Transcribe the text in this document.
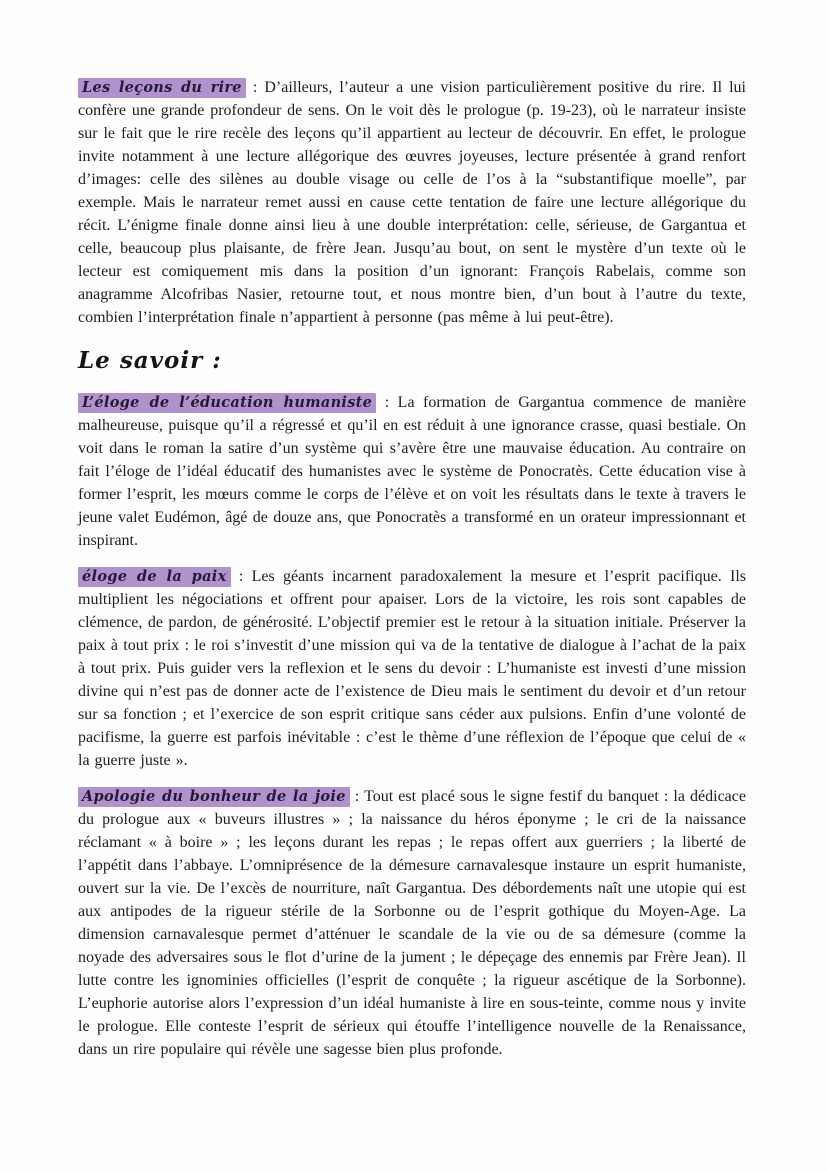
Les leçons du rire : D’ailleurs, l’auteur a une vision particulièrement positive du rire. Il lui confère une grande profondeur de sens. On le voit dès le prologue (p. 19-23), où le narrateur insiste sur le fait que le rire recèle des leçons qu’il appartient au lecteur de découvrir. En effet, le prologue invite notamment à une lecture allégorique des œuvres joyeuses, lecture présentée à grand renfort d’images: celle des silènes au double visage ou celle de l’os à la “substantifique moelle”, par exemple. Mais le narrateur remet aussi en cause cette tentation de faire une lecture allégorique du récit. L’énigme finale donne ainsi lieu à une double interprétation: celle, sérieuse, de Gargantua et celle, beaucoup plus plaisante, de frère Jean. Jusqu’au bout, on sent le mystère d’un texte où le lecteur est comiquement mis dans la position d’un ignorant: François Rabelais, comme son anagramme Alcofribas Nasier, retourne tout, et nous montre bien, d’un bout à l’autre du texte, combien l’interprétation finale n’appartient à personne (pas même à lui peut-être).

Le savoir :

L’éloge de l’éducation humaniste : La formation de Gargantua commence de manière malheureuse, puisque qu’il a régressé et qu’il en est réduit à une ignorance crasse, quasi bestiale. On voit dans le roman la satire d’un système qui s’avère être une mauvaise éducation. Au contraire on fait l’éloge de l’idéal éducatif des humanistes avec le système de Ponocratès. Cette éducation vise à former l’esprit, les mœurs comme le corps de l’élève et on voit les résultats dans le texte à travers le jeune valet Eudémon, âgé de douze ans, que Ponocratès a transformé en un orateur impressionnant et inspirant.

éloge de la paix : Les géants incarnent paradoxalement la mesure et l’esprit pacifique. Ils multiplient les négociations et offrent pour apaiser. Lors de la victoire, les rois sont capables de clémence, de pardon, de générosité. L’objectif premier est le retour à la situation initiale. Préserver la paix à tout prix : le roi s’investit d’une mission qui va de la tentative de dialogue à l’achat de la paix à tout prix. Puis guider vers la reflexion et le sens du devoir : L’humaniste est investi d’une mission divine qui n’est pas de donner acte de l’existence de Dieu mais le sentiment du devoir et d’un retour sur sa fonction ; et l’exercice de son esprit critique sans céder aux pulsions. Enfin d’une volonté de pacifisme, la guerre est parfois inévitable : c’est le thème d’une réflexion de l’époque que celui de « la guerre juste ».

Apologie du bonheur de la joie : Tout est placé sous le signe festif du banquet : la dédicace du prologue aux « buveurs illustres » ; la naissance du héros éponyme ; le cri de la naissance réclamant « à boire » ; les leçons durant les repas ; le repas offert aux guerriers ; la liberté de l’appétit dans l’abbaye. L’omniprésence de la démesure carnavalesque instaure un esprit humaniste, ouvert sur la vie. De l’excès de nourriture, naît Gargantua. Des débordements naît une utopie qui est aux antipodes de la rigueur stérile de la Sorbonne ou de l’esprit gothique du Moyen-Age. La dimension carnavalesque permet d’atténuer le scandale de la vie ou de sa démesure (comme la noyade des adversaires sous le flot d’urine de la jument ; le dépeçage des ennemis par Frère Jean). Il lutte contre les ignominies officielles (l’esprit de conquête ; la rigueur ascétique de la Sorbonne). L’euphorie autorise alors l’expression d’un idéal humaniste à lire en sous-teinte, comme nous y invite le prologue. Elle conteste l’esprit de sérieux qui étouffe l’intelligence nouvelle de la Renaissance, dans un rire populaire qui révèle une sagesse bien plus profonde.
